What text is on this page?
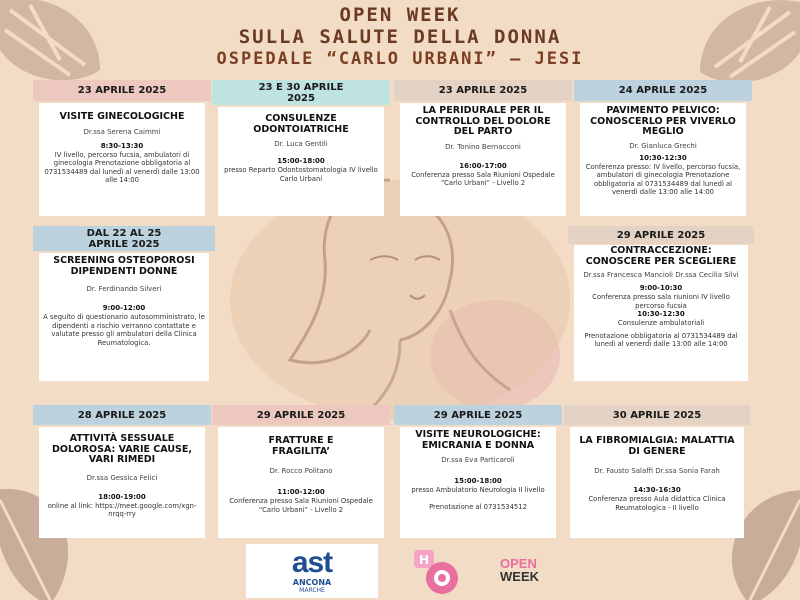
OPEN WEEK
SULLA SALUTE DELLA DONNA
OSPEDALE “CARLO URBANI” – JESI
23 APRILE 2025
VISITE GINECOLOGICHE
Dr.ssa Serena Caimmi
8:30-13:30
IV livello, percorso fucsia, ambulatori di ginecologia Prenotazione obbligatoria al 0731534489 dal lunedì al venerdì dalle 13:00 alle 14:00
23 E 30 APRILE 2025
CONSULENZE ODONTOIATRICHE
Dr. Luca Gentili
15:00-18:00
presso Reparto Odontostomatologia IV livello Carlo Urbani
23 APRILE 2025
LA PERIDURALE PER IL CONTROLLO DEL DOLORE DEL PARTO
Dr. Tonino Bernacconi
16:00-17:00
Conferenza presso Sala Riunioni Ospedale “Carlo Urbani” - Livello 2
24 APRILE 2025
PAVIMENTO PELVICO: CONOSCERLO PER VIVERLO MEGLIO
Dr. Gianluca Grechi
10:30-12:30
Conferenza presso: IV livello, percorso fucsia, ambulatori di ginecologia Prenotazione obbligatoria al 0731534489 dal lunedì al venerdì dalle 13:00 alle 14:00
DAL 22 AL 25 APRILE 2025
SCREENING OSTEOPOROSI DIPENDENTI DONNE
Dr. Ferdinando Silveri
9:00-12:00
A seguito di questionario autosomministrato, le dipendenti a rischio verranno contattate e valutate presso gli ambulatori della Clinica Reumatologica.
29 APRILE 2025
CONTRACCEZIONE: CONOSCERE PER SCEGLIERE
Dr.ssa Francesca Mancioli Dr.ssa Cecilia Silvi
9:00-10:30
Conferenza presso sala riunioni IV livello percorso fucsia
10:30-12:30
Consulenze ambulatoriali
Prenotazione obbligatoria al 0731534489 dal lunedì al venerdì dalle 13:00 alle 14:00
28 APRILE 2025
ATTIVITÀ SESSUALE DOLOROSA: VARIE CAUSE, VARI RIMEDI
Dr.ssa Gessica Felici
18:00-19:00
online al link: https://meet.google.com/xgn-nrqq-rry
29 APRILE 2025
FRATTURE E FRAGILITA’
Dr. Rocco Politano
11:00-12:00
Conferenza presso Sala Riunioni Ospedale “Carlo Urbani” - Livello 2
29 APRILE 2025
VISITE NEUROLOGICHE: EMICRANIA E DONNA
Dr.ssa Eva Particaroli
15:00-18:00
presso Ambulatorio Neurologia II livello
Prenotazione al 0731534512
30 APRILE 2025
LA FIBROMIALGIA: MALATTIA DI GENERE
Dr. Fausto Salaffi Dr.ssa Sonia Farah
14:30-16:30
Conferenza presso Aula didattica Clinica Reumatologica - II livello
ast
ANCONA
MARCHE
H	OPEN
WEEK
